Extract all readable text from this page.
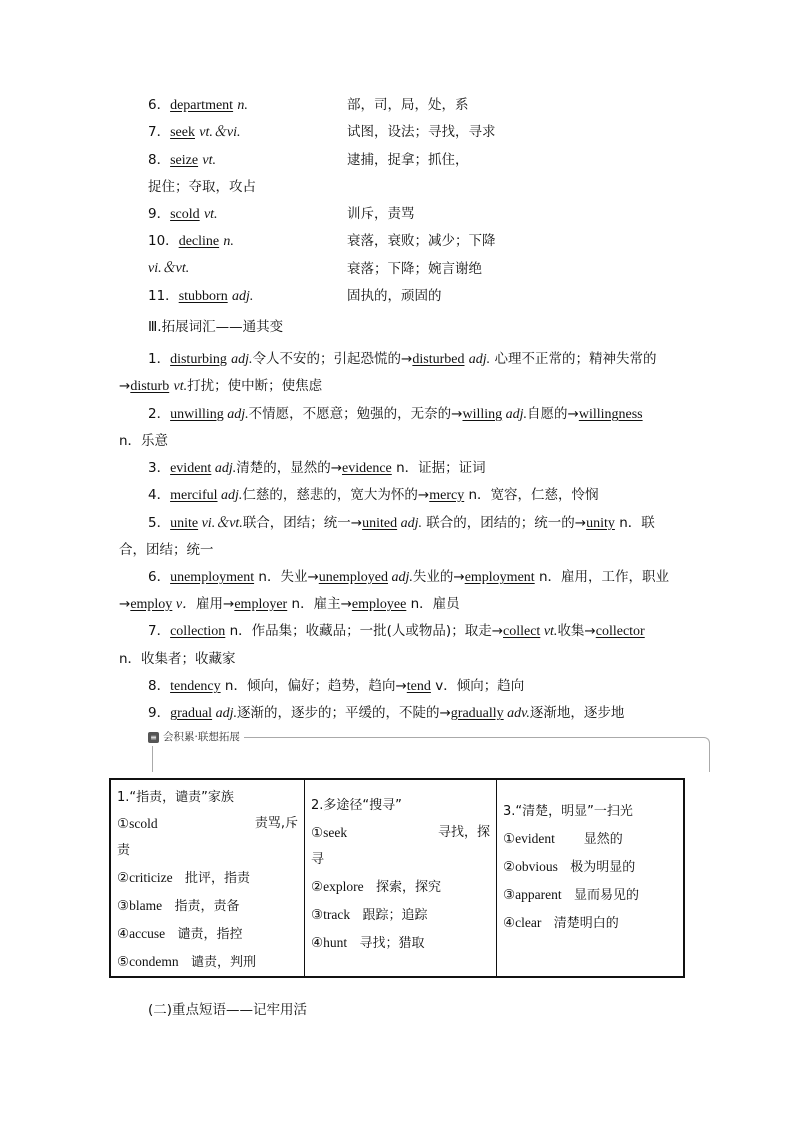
6．department n.	部，司，局，处，系
7．seek vt.＆vi.	试图，设法；寻找，寻求
8．seize vt.	逮捕，捉拿；抓住，
捉住；夺取，攻占
9．scold vt.	训斥，责骂
10．decline n.	衰落，衰败；减少；下降
vi.＆vt.	衰落；下降；婉言谢绝
11．stubborn adj.	固执的，顽固的
Ⅲ.拓展词汇——通其变
1．disturbing adj.令人不安的；引起恐慌的→disturbed adj. 心理不正常的；精神失常的
→disturb vt.打扰；使中断；使焦虑
2．unwilling adj.不情愿，不愿意；勉强的，无奈的→willing adj.自愿的→willingness
n．乐意
3．evident adj.清楚的，显然的→evidence n．证据；证词
4．merciful adj.仁慈的，慈悲的，宽大为怀的→mercy n．宽容，仁慈，怜悯
5．unite vi.＆vt.联合，团结；统一→united adj. 联合的，团结的；统一的→unity n．联
合，团结；统一
6．unemployment n．失业→unemployed adj.失业的→employment n．雇用，工作，职业
→employ v．雇用→employer n．雇主→employee n．雇员
7．collection n．作品集；收藏品；一批(人或物品)；取走→collect vt.收集→collector
n．收集者；收藏家
8．tendency n．倾向，偏好；趋势，趋向→tend v．倾向；趋向
9．gradual adj.逐渐的，逐步的；平缓的，不陡的→gradually adv.逐渐地，逐步地
≡ 会积累·联想拓展
1.“指责，谴责”家族
①scold	责骂,斥
责
②criticize 批评，指责
③blame 指责，责备
④accuse 谴责，指控
⑤condemn 谴责，判刑

2.多途径“搜寻”
①seek	寻找，探
寻
②explore 探索，探究
③track 跟踪；追踪
④hunt 寻找；猎取

3.“清楚，明显”一扫光
①evident 显然的
②obvious 极为明显的
③apparent 显而易见的
④clear 清楚明白的
(二)重点短语——记牢用活
